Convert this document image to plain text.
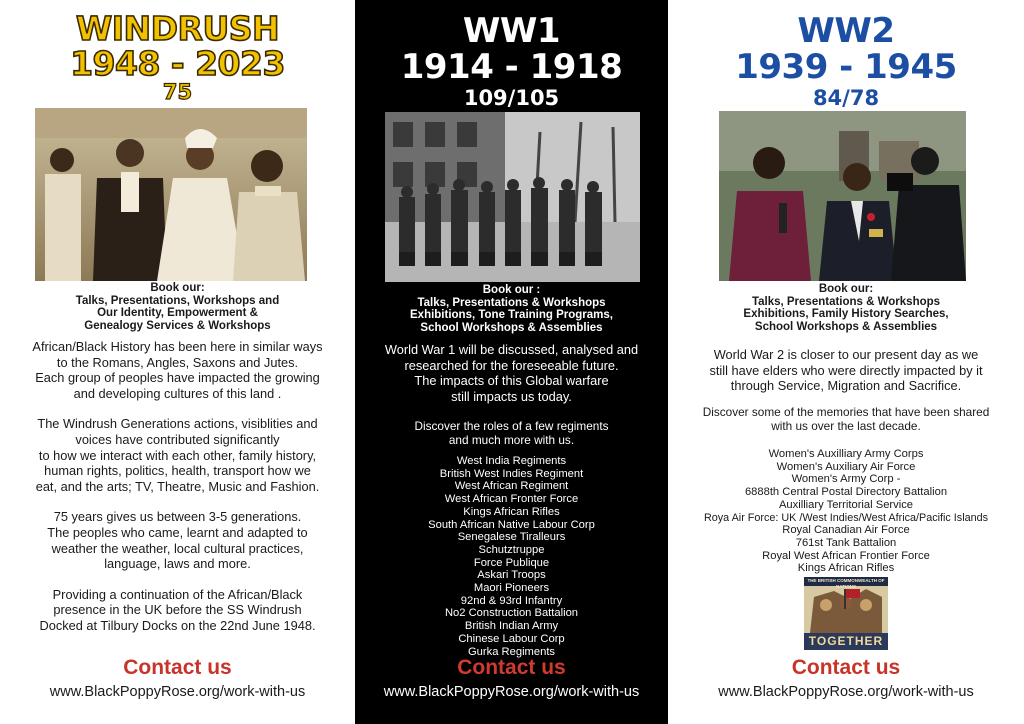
WINDRUSH
1948 - 2023
75
Book our:
Talks, Presentations, Workshops and
Our Identity, Empowerment &
Genealogy Services & Workshops

African/Black History has been here in similar ways

to the Romans, Angles, Saxons and Jutes.

Each group of peoples have impacted the growing

and developing cultures of this land .

The Windrush Generations actions, visiblities and

voices have contributed significantly

to how we interact with each other, family history,

human rights, politics, health, transport how we

eat, and the arts; TV, Theatre, Music and Fashion.

75 years gives us between 3-5 generations.

The peoples who came, learnt and adapted to

weather the weather, local cultural practices,

language, laws and more.

Providing a continuation of the African/Black

presence in the UK before the SS Windrush

Docked at Tilbury Docks on the 22nd June 1948.

Contact us
www.BlackPoppyRose.org/work-with-us
WW1
1914 - 1918
109/105
Book our :
Talks, Presentations & Workshops
Exhibitions, Tone Training Programs,
School Workshops & Assemblies

World War 1 will be discussed, analysed and

researched for the foreseeable future.

The impacts of this Global warfare

still impacts us today.

Discover the roles of a few regiments

and much more with us.

West India Regiments

British West Indies Regiment

West African Regiment

West African Fronter Force

Kings African Rifles

South African Native Labour Corp

Senegalese Tiralleurs

Schutztruppe

Force Publique

Askari Troops

Maori Pioneers

92nd & 93rd Infantry

No2 Construction Battalion

British Indian Army

Chinese Labour Corp

Gurka Regiments

Contact us
www.BlackPoppyRose.org/work-with-us
WW2
1939 - 1945
84/78
Book our:
Talks, Presentations & Workshops
Exhibitions, Family History Searches,
School Workshops & Assemblies

World War 2 is closer to our present day as we

still have elders who were directly impacted by it

through Service, Migration and Sacrifice.

Discover some of the memories that have been shared

with us over the last decade.

Women's Auxilliary Army Corps

Women's Auxiliary Air Force

Women's Army Corp -

6888th Central Postal Directory Battalion

Auxilliary Territorial Service

Roya Air Force: UK /West Indies/West Africa/Pacific Islands

Royal Canadian Air Force

761st Tank Battalion

Royal West African Frontier Force

Kings African Rifles

THE BRITISH COMMONWEALTH OF NATIONS
TOGETHER
Contact us
www.BlackPoppyRose.org/work-with-us
